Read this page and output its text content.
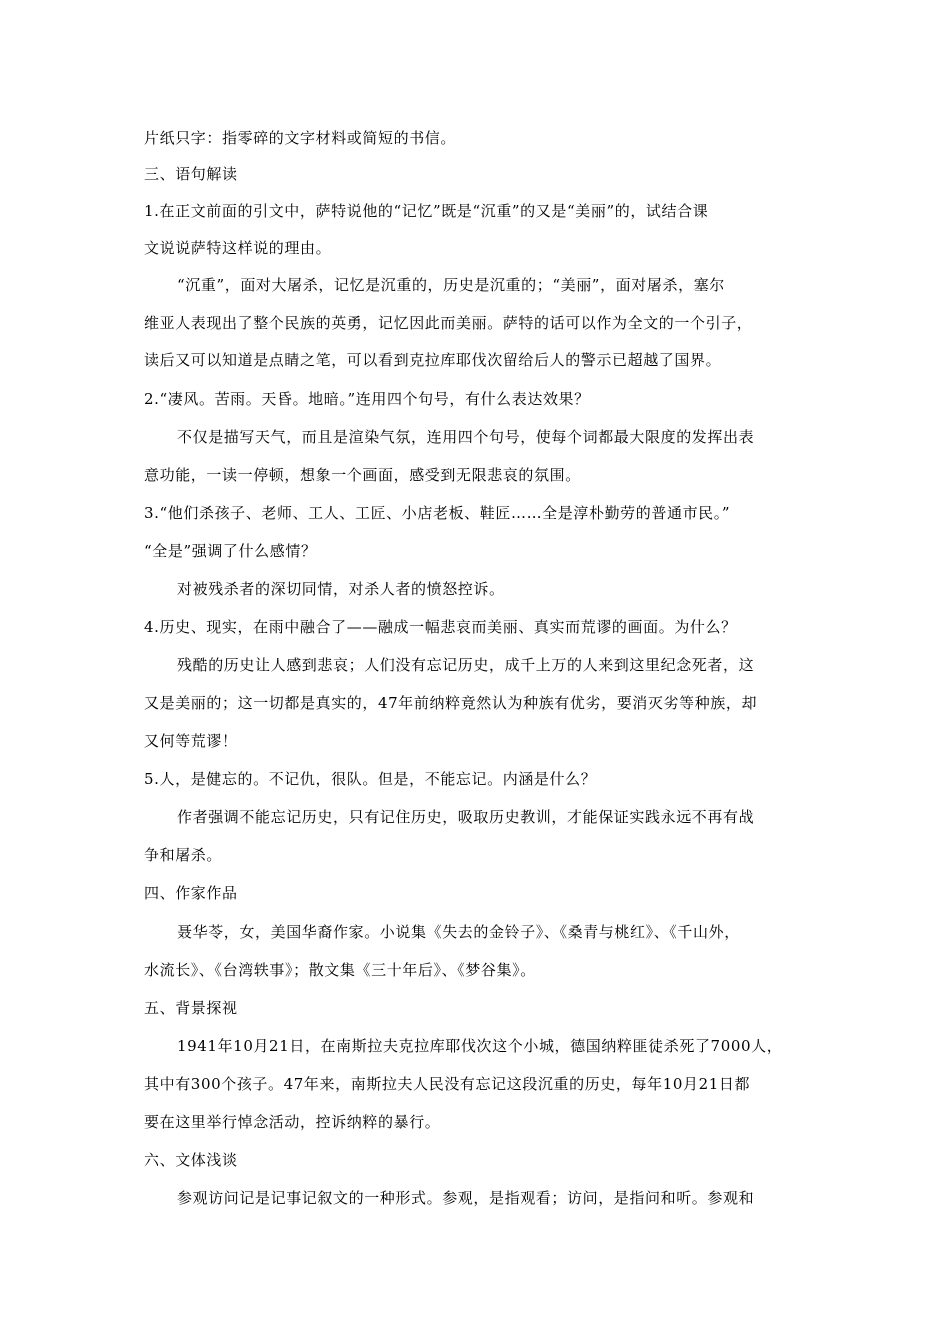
片纸只字：指零碎的文字材料或简短的书信。
三、语句解读
1.在正文前面的引文中，萨特说他的“记忆”既是“沉重”的又是“美丽”的，试结合课
文说说萨特这样说的理由。
“沉重”，面对大屠杀，记忆是沉重的，历史是沉重的；“美丽”，面对屠杀，塞尔
维亚人表现出了整个民族的英勇，记忆因此而美丽。萨特的话可以作为全文的一个引子，
读后又可以知道是点睛之笔，可以看到克拉库耶伐次留给后人的警示已超越了国界。
2.“凄风。苦雨。天昏。地暗。”连用四个句号，有什么表达效果？
不仅是描写天气，而且是渲染气氛，连用四个句号，使每个词都最大限度的发挥出表
意功能，一读一停顿，想象一个画面，感受到无限悲哀的氛围。
3.“他们杀孩子、老师、工人、工匠、小店老板、鞋匠……全是淳朴勤劳的普通市民。”
“全是”强调了什么感情？
对被残杀者的深切同情，对杀人者的愤怒控诉。
4.历史、现实，在雨中融合了——融成一幅悲哀而美丽、真实而荒谬的画面。为什么？
残酷的历史让人感到悲哀；人们没有忘记历史，成千上万的人来到这里纪念死者，这
又是美丽的；这一切都是真实的，47年前纳粹竟然认为种族有优劣，要消灭劣等种族，却
又何等荒谬！
5.人，是健忘的。不记仇，很队。但是，不能忘记。内涵是什么？
作者强调不能忘记历史，只有记住历史，吸取历史教训，才能保证实践永远不再有战
争和屠杀。
四、作家作品
聂华苓，女，美国华裔作家。小说集《失去的金铃子》、《桑青与桃红》、《千山外，
水流长》、《台湾轶事》；散文集《三十年后》、《梦谷集》。
五、背景探视
1941年10月21日，在南斯拉夫克拉库耶伐次这个小城，德国纳粹匪徒杀死了7000人，
其中有300个孩子。47年来，南斯拉夫人民没有忘记这段沉重的历史，每年10月21日都
要在这里举行悼念活动，控诉纳粹的暴行。
六、文体浅谈
参观访问记是记事记叙文的一种形式。参观，是指观看；访问，是指问和听。参观和
